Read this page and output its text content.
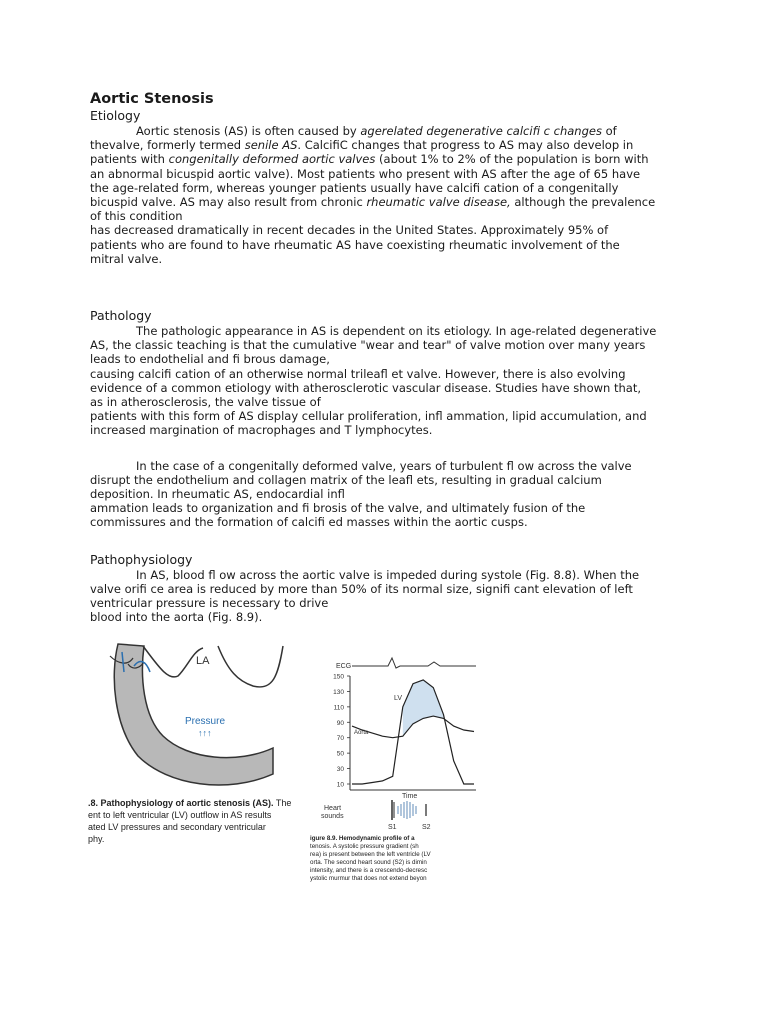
Aortic Stenosis
Etiology

Aortic stenosis (AS) is often caused by agerelated degenerative calcifi c changes of
thevalve, formerly termed senile AS. CalcifiC changes that progress to AS may also develop in
patients with congenitally deformed aortic valves (about 1% to 2% of the population is born with
an abnormal bicuspid aortic valve). Most patients who present with AS after the age of 65 have
the age-related form, whereas younger patients usually have calcifi cation of a congenitally
bicuspid valve. AS may also result from chronic rheumatic valve disease, although the prevalence
of this condition

has decreased dramatically in recent decades in the United States. Approximately 95% of
patients who are found to have rheumatic AS have coexisting rheumatic involvement of the
mitral valve.

Pathology

The pathologic appearance in AS is dependent on its etiology. In age-related degenerative
AS, the classic teaching is that the cumulative "wear and tear" of valve motion over many years
leads to endothelial and fi brous damage,

causing calcifi cation of an otherwise normal trileafl et valve. However, there is also evolving
evidence of a common etiology with atherosclerotic vascular disease. Studies have shown that,
as in atherosclerosis, the valve tissue of

patients with this form of AS display cellular proliferation, infl ammation, lipid accumulation, and
increased margination of macrophages and T lymphocytes.

In the case of a congenitally deformed valve, years of turbulent fl ow across the valve
disrupt the endothelium and collagen matrix of the leafl ets, resulting in gradual calcium
deposition. In rheumatic AS, endocardial infl

ammation leads to organization and fi brosis of the valve, and ultimately fusion of the
commissures and the formation of calcifi ed masses within the aortic cusps.

Pathophysiology

In AS, blood fl ow across the aortic valve is impeded during systole (Fig. 8.8). When the
valve orifi ce area is reduced by more than 50% of its normal size, signifi cant elevation of left
ventricular pressure is necessary to drive

blood into the aorta (Fig. 8.9).

LA
Pressure
↑↑↑
.8. Pathophysiology of aortic stenosis (AS). The
ent to left ventricular (LV) outflow in AS results
ated LV pressures and secondary ventricular
phy.
ECG
150
130
110
90
70
50
30
10
LV
Aorta
Time
Heart
sounds
S1	S2
igure 8.9. Hemodynamic profile of a
tenosis. A systolic pressure gradient (sh
rea) is present between the left ventricle (LV
orta. The second heart sound (S2) is dimin
intensity, and there is a crescendo-decresc
ystolic murmur that does not extend beyon
